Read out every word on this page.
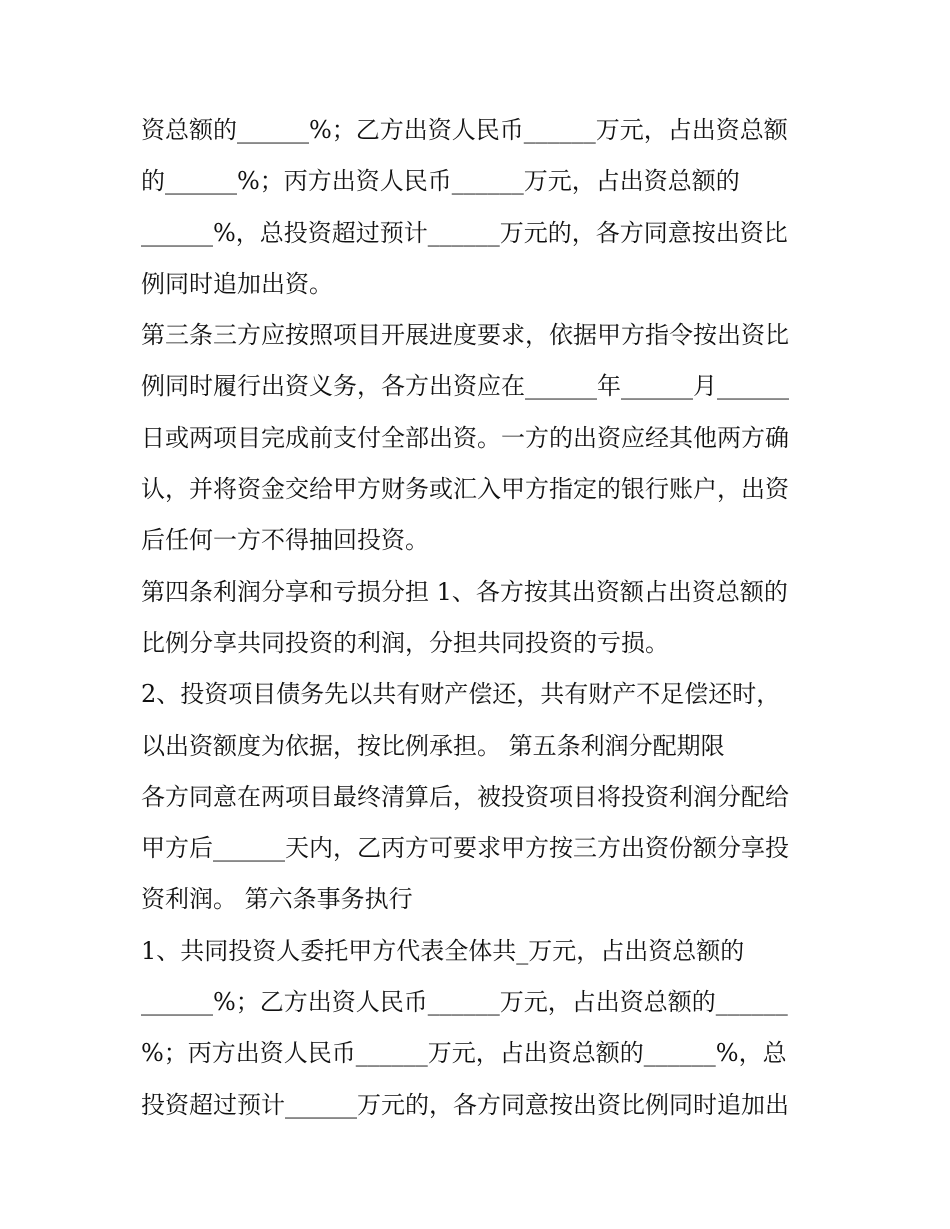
资总额的______%；乙方出资人民币______万元，占出资总额
的______%；丙方出资人民币______万元，占出资总额的
______%，总投资超过预计______万元的，各方同意按出资比
例同时追加出资。
第三条三方应按照项目开展进度要求，依据甲方指令按出资比
例同时履行出资义务，各方出资应在______年______月______
日或两项目完成前支付全部出资。一方的出资应经其他两方确
认，并将资金交给甲方财务或汇入甲方指定的银行账户，出资
后任何一方不得抽回投资。
第四条利润分享和亏损分担 1、各方按其出资额占出资总额的
比例分享共同投资的利润，分担共同投资的亏损。
2、投资项目债务先以共有财产偿还，共有财产不足偿还时，
以出资额度为依据，按比例承担。 第五条利润分配期限
各方同意在两项目最终清算后，被投资项目将投资利润分配给
甲方后______天内，乙丙方可要求甲方按三方出资份额分享投
资利润。 第六条事务执行
1、共同投资人委托甲方代表全体共_万元，占出资总额的
______%；乙方出资人民币______万元，占出资总额的______
%；丙方出资人民币______万元，占出资总额的______%，总
投资超过预计______万元的，各方同意按出资比例同时追加出
